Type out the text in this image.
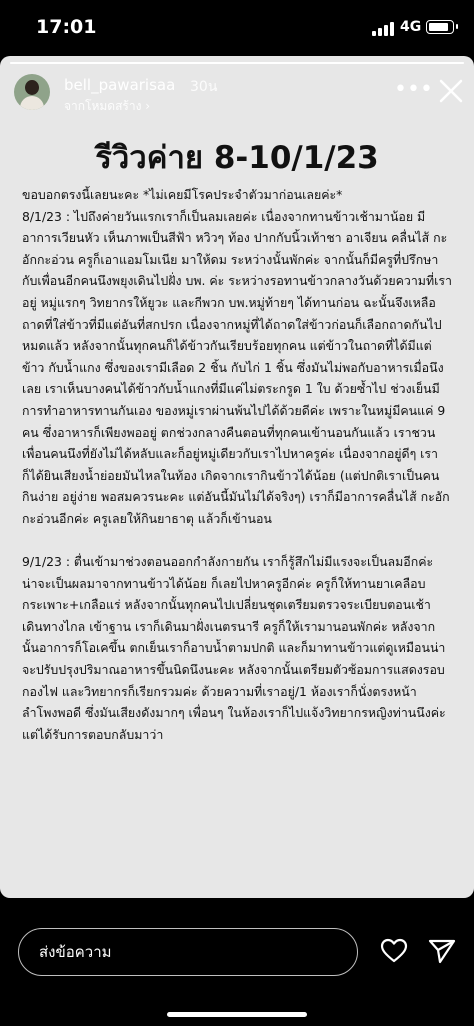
17:01	4G
bell_pawarisaa 30น
จากโหมดสร้าง ›
•••
รีวิวค่าย 8-10/1/23
ขอบอกตรงนี้เลยนะคะ *ไม่เคยมีโรคประจำตัวมาก่อนเลยค่ะ*
8/1/23 : ไปถึงค่ายวันแรกเราก็เป็นลมเลยค่ะ เนื่องจากทานข้าวเช้ามาน้อย มีอาการเวียนหัว เห็นภาพเป็นสีฟ้า หวิวๆ ท้อง ปากกับนิ้วเท้าชา อาเจียน คลื่นไส้ กะอักกะอ่วน ครูก็เอาแอมโมเนีย มาให้ดม ระหว่างนั้นพักค่ะ จากนั้นก็มีครูที่ปรึกษากับเพื่อนอีกคนนึงพยุงเดินไปฝั่ง บพ. ค่ะ ระหว่างรอทานข้าวกลางวันด้วยความที่เราอยู่ หมู่แรกๆ วิทยากรให้ยูวะ และกีพวก บพ.หมู่ท้ายๆ ได้ทานก่อน ฉะนั้นจึงเหลือถาดที่ใส่ข้าวที่มีแต่อันที่สกปรก เนื่องจากหมู่ที่ได้ถาดใส่ข้าวก่อนก็เลือกถาดกันไปหมดแล้ว หลังจากนั้นทุกคนก็ได้ข้าวกันเรียบร้อยทุกคน แต่ข้าวในถาดที่ได้มีแต่ ข้าว กับน้ำแกง ซึ่งของเรามีเลือด 2 ชิ้น กับไก่ 1 ชิ้น ซึ่งมันไม่พอกับอาหารเมื่อนึงเลย เราเห็นบางคนได้ข้าวกับน้ำแกงที่มีแค่ไม่ตระกรูด 1 ใบ ด้วยซ้ำไป ช่วงเย็นมีการทำอาหารทานกันเอง ของหมู่เราผ่านพ้นไปได้ด้วยดีค่ะ เพราะในหมู่มีคนแค่ 9 คน ซึ่งอาหารก็เพียงพออยู่ ตกช่วงกลางคืนตอนที่ทุกคนเข้านอนกันแล้ว เราชวนเพื่อนคนนึงที่ยังไม่ได้หลับและก็อยู่หมู่เดียวกับเราไปหาครูค่ะ เนื่องจากอยู่ดีๆ เราก็ได้ยินเสียงน้ำย่อยมันไหลในท้อง เกิดจากเรากินข้าวได้น้อย (แต่ปกติเราเป็นคนกินง่าย อยู่ง่าย พอสมควรนะคะ แต่อันนี้มันไม่ได้จริงๆ) เราก็มีอาการคลื่นไส้ กะอักกะอ่วนอีกค่ะ ครูเลยให้กินยาธาตุ แล้วก็เข้านอน

9/1/23 : ตื่นเข้ามาช่วงตอนออกกำลังกายกัน เราก็รู้สึกไม่มีแรงจะเป็นลมอีกค่ะ น่าจะเป็นผลมาจากทานข้าวได้น้อย ก็เลยไปหาครูอีกค่ะ ครูก็ให้ทานยาเคลือบกระเพาะ+เกลือแร่ หลังจากนั้นทุกคนไปเปลี่ยนชุดเตรียมตรวจระเบียบตอนเช้า เดินทางไกล เข้าฐาน เราก็เดินมาฝั่งเนตรนารี ครูก็ให้เรามานอนพักค่ะ หลังจากนั้นอาการก็โอเคขึ้น ตกเย็นเราก็อาบน้ำตามปกติ และก็มาทานข้าวแต่ดูเหมือนน่าจะปรับปรุงปริมาณอาหารขึ้นนิดนึงนะคะ หลังจากนั้นเตรียมตัวซ้อมการแสดงรอบกองไฟ และวิทยากรก็เรียกรวมค่ะ ด้วยความที่เราอยู่/1 ห้องเราก็นั่งตรงหน้าลำโพงพอดี ซึ่งมันเสียงดังมากๆ เพื่อนๆ ในห้องเราก็ไปแจ้งวิทยากรหญิงท่านนึงค่ะ แต่ได้รับการตอบกลับมาว่า
ส่งข้อความ
